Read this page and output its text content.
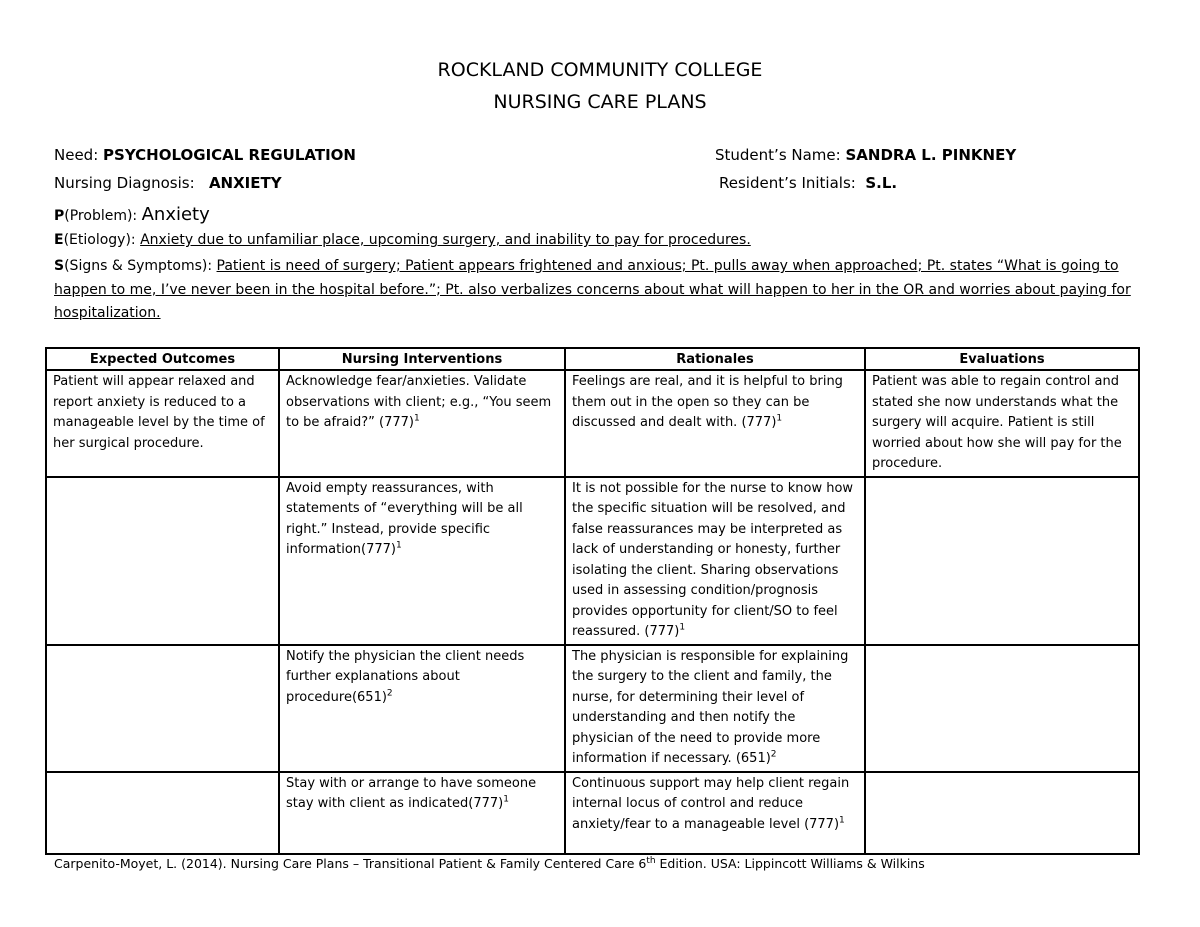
ROCKLAND COMMUNITY COLLEGE
NURSING CARE PLANS
Need: PSYCHOLOGICAL REGULATION	Student’s Name: SANDRA L. PINKNEY
Nursing Diagnosis: ANXIETY	Resident’s Initials: S.L.
P(Problem): Anxiety
E(Etiology): Anxiety due to unfamiliar place, upcoming surgery, and inability to pay for procedures.
S(Signs & Symptoms): Patient is need of surgery; Patient appears frightened and anxious; Pt. pulls away when approached; Pt. states “What is going to happen to me, I’ve never been in the hospital before.”; Pt. also verbalizes concerns about what will happen to her in the OR and worries about paying for hospitalization.
Expected Outcomes	Nursing Interventions	Rationales	Evaluations
Patient will appear relaxed and report anxiety is reduced to a manageable level by the time of her surgical procedure.	Acknowledge fear/anxieties. Validate observations with client; e.g., “You seem to be afraid?” $(777)^1$	Feelings are real, and it is helpful to bring them out in the open so they can be discussed and dealt with. $(777)^1$	Patient was able to regain control and stated she now understands what the surgery will acquire. Patient is still worried about how she will pay for the procedure.
	Avoid empty reassurances, with statements of “everything will be all right.” Instead, provide specific $information(777)^1$	It is not possible for the nurse to know how the specific situation will be resolved, and false reassurances may be interpreted as lack of understanding or honesty, further isolating the client. Sharing observations used in assessing condition/prognosis provides opportunity for client/SO to feel reassured. $(777)^1$	
	Notify the physician the client needs further explanations about $procedure(651)^2$	The physician is responsible for explaining the surgery to the client and family, the nurse, for determining their level of understanding and then notify the physician of the need to provide more information if necessary. $(651)^2$	
	Stay with or arrange to have someone stay with client as $indicated(777)^1$	Continuous support may help client regain internal locus of control and reduce anxiety/fear to a manageable level $(777)^1$	
Carpenito-Moyet, L. (2014). Nursing Care Plans – Transitional Patient & Family Centered Care 6th Edition. USA: Lippincott Williams & Wilkins
